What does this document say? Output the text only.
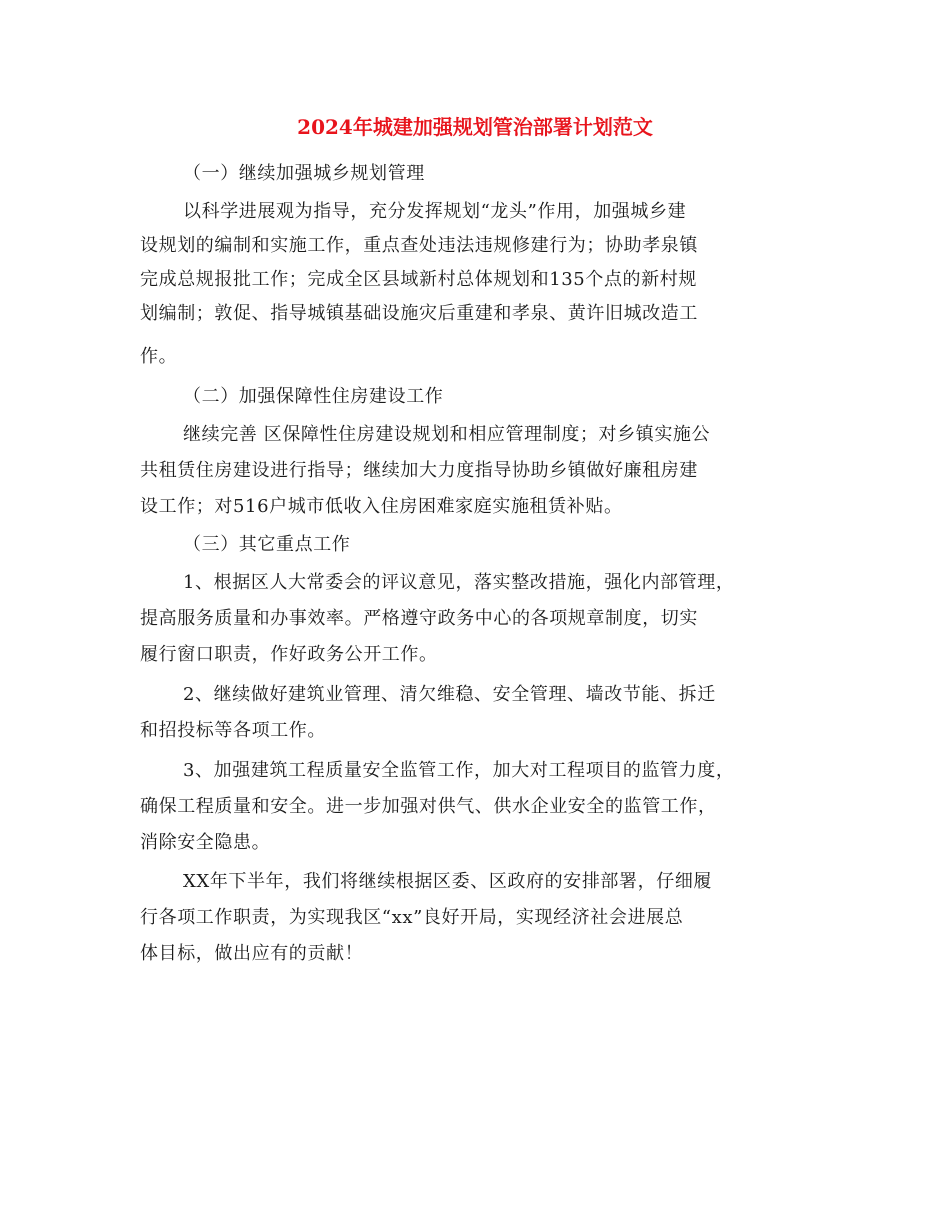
2024年城建加强规划管治部署计划范文
（一）继续加强城乡规划管理
以科学进展观为指导，充分发挥规划“龙头”作用，加强城乡建
设规划的编制和实施工作，重点查处违法违规修建行为；协助孝泉镇
完成总规报批工作；完成全区县域新村总体规划和135个点的新村规
划编制；敦促、指导城镇基础设施灾后重建和孝泉、黄许旧城改造工
作。
（二）加强保障性住房建设工作
继续完善 区保障性住房建设规划和相应管理制度；对乡镇实施公
共租赁住房建设进行指导；继续加大力度指导协助乡镇做好廉租房建
设工作；对516户城市低收入住房困难家庭实施租赁补贴。
（三）其它重点工作
1、根据区人大常委会的评议意见，落实整改措施，强化内部管理，
提高服务质量和办事效率。严格遵守政务中心的各项规章制度，切实
履行窗口职责，作好政务公开工作。
2、继续做好建筑业管理、清欠维稳、安全管理、墙改节能、拆迁
和招投标等各项工作。
3、加强建筑工程质量安全监管工作，加大对工程项目的监管力度，
确保工程质量和安全。进一步加强对供气、供水企业安全的监管工作，
消除安全隐患。
XX年下半年，我们将继续根据区委、区政府的安排部署，仔细履
行各项工作职责，为实现我区“xx”良好开局，实现经济社会进展总
体目标，做出应有的贡献！
